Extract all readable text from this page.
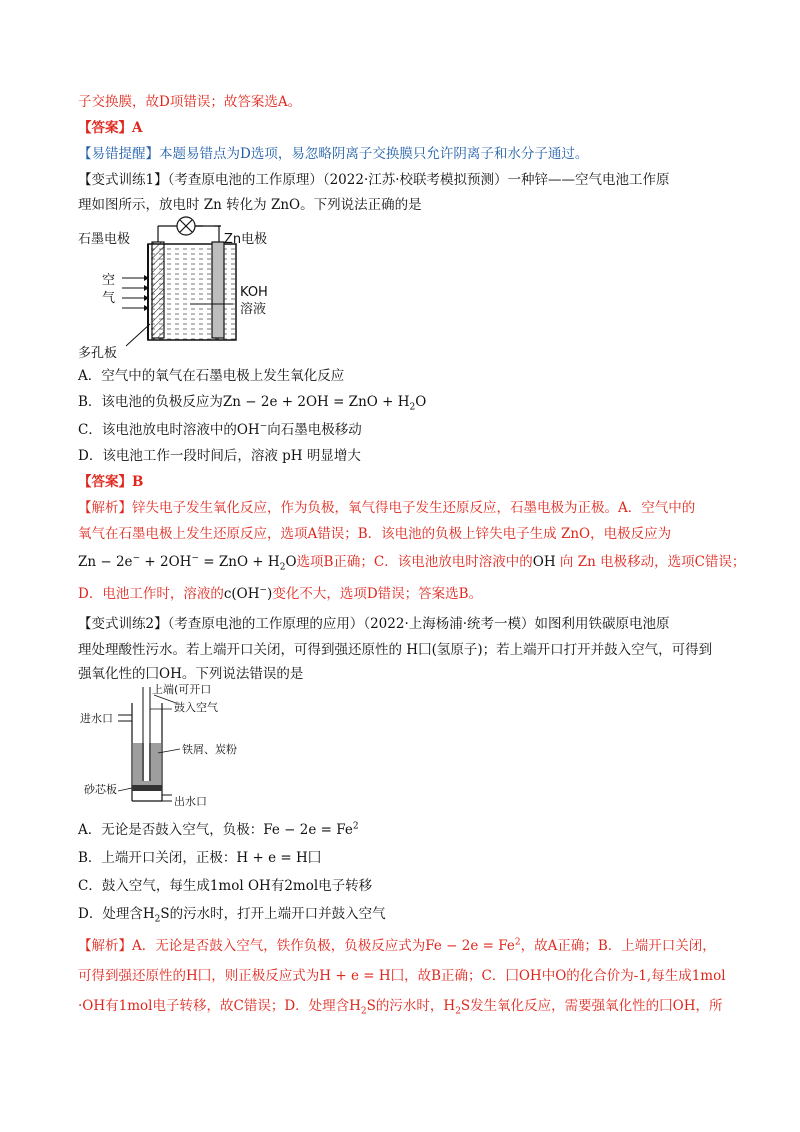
子交换膜，故D项错误；故答案选A。
【答案】A
【易错提醒】本题易错点为D选项，易忽略阴离子交换膜只允许阴离子和水分子通过。
【变式训练1】（考查原电池的工作原理）（2022·江苏·校联考模拟预测）一种锌——空气电池工作原
理如图所示，放电时 Zn 转化为 ZnO。下列说法正确的是
石墨电极	Zn电极
空
气	KOH
溶液
多孔板
A．空气中的氧气在石墨电极上发生氧化反应
B．该电池的负极反应为Zn − 2e + 2OH = ZnO + $H_2O$
C．该电池放电时溶液中的OH−向石墨电极移动
D．该电池工作一段时间后，溶液 pH 明显增大
【答案】B
【解析】锌失电子发生氧化反应，作为负极，氧气得电子发生还原反应，石墨电极为正极。A．空气中的
氧气在石墨电极上发生还原反应，选项A错误；B．该电池的负极上锌失电子生成 ZnO，电极反应为
Zn − 2e− + 2OH− = ZnO + $H_2O$选项B正确；C．该电池放电时溶液中的OH 向 Zn 电极移动，选项C错误；
D．电池工作时，溶液的c(OH−)变化不大，选项D错误；答案选B。
【变式训练2】（考查原电池的工作原理的应用）（2022·上海杨浦·统考一模）如图利用铁碳原电池原
理处理酸性污水。若上端开口关闭，可得到强还原性的 H⼞(氢原子)；若上端开口打开并鼓入空气，可得到
强氧化性的⼞OH。下列说法错误的是
上端(可开口
鼓入空气
进水口
铁屑、炭粉
砂芯板
出水口
A．无论是否鼓入空气，负极：$Fe - 2e = Fe^2$
B．上端开口关闭，正极：H + e = H⼞
C．鼓入空气，每生成1mol OH有2mol电子转移
D．处理含$H_2S$的污水时，打开上端开口并鼓入空气
【解析】A．无论是否鼓入空气，铁作负极，负极反应式为$Fe - 2e = Fe^2$，故A正确；B．上端开口关闭，
可得到强还原性的H⼞，则正极反应式为H + e = H⼞，故B正确；C．⼞OH中O的化合价为-1,每生成1mol
·OH有1mol电子转移，故C错误；D．处理含$H_2S$的污水时，$H_2S$发生氧化反应，需要强氧化性的⼞OH，所
